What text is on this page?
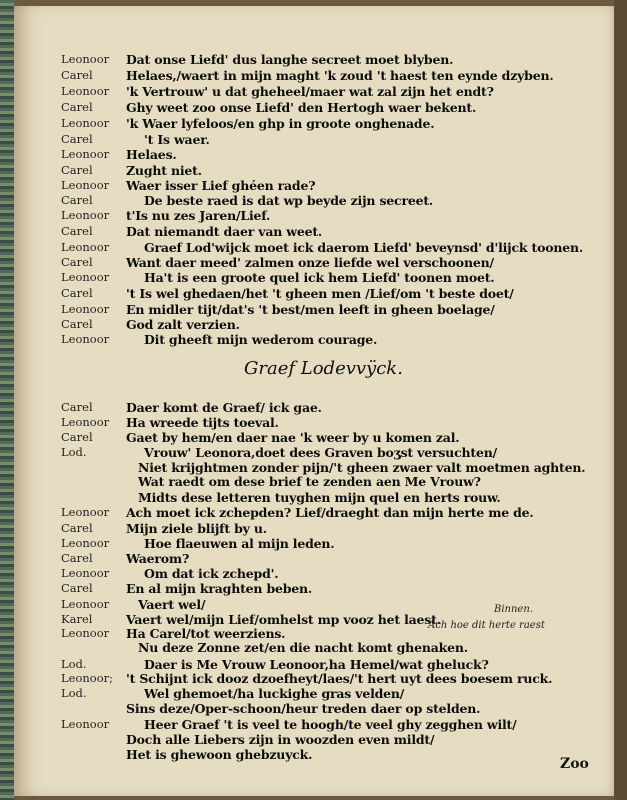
Leonoor Dat onse Liefd' dus langhe secreet moet blyben.
Carel	Helaes,/waert in mijn maght 'k zoud 't haest ten eynde dzyben.
Leonoor 'k Vertrouw' u dat gheheel/maer wat zal zijn het endt?
Carel	Ghy weet zoo onse Liefd' den Hertogh waer bekent.
Leonoor 'k Waer lyfeloos/en ghp in groote onghenade.
Carel	't Is waer.
Leonoor Helaes.
Carel	Zught niet.
Leonoor Waer isser Lief ghéen rade?
Carel	De beste raed is dat wp beyde zijn secreet.
Leonoor t'Is nu zes Jaren/Lief.
Carel	Dat niemandt daer van weet.
Leonoor	Graef Lod'wijck moet ick daerom Liefd' beveynsd' d'lijck toonen.
Carel	Want daer meed' zalmen onze liefde wel verschoonen/
Leonoor	Ha't is een groote quel ick hem Liefd' toonen moet.
Carel	't Is wel ghedaen/het 't gheen men /Lief/om 't beste doet/
Leonoor En midler tijt/dat's 't best/men leeft in gheen boelage/
Carel	God zalt verzien.
Leonoor	Dit gheeft mijn wederom courage.
Carel	Daer komt de Graef/ ick gae.
Leonoor Ha wreede tijts toeval.
Carel	Gaet by hem/en daer nae 'k weer by u komen zal.
Lod.	Vrouw' Leonora,doet dees Graven boʒst versuchten/
Niet krijghtmen zonder pijn/'t gheen zwaer valt moetmen aghten.
Wat raedt om dese brief te zenden aen Me Vrouw?
Midts dese letteren tuyghen mijn quel en herts rouw.
Leonoor Ach moet ick zchepden? Lief/draeght dan mijn herte me de.
Carel	Mijn ziele blijft by u.
Leonoor	Hoe flaeuwen al mijn leden.
Carel	Waerom?
Leonoor	Om dat ick zchepd'.
Carel	En al mijn kraghten beben.
Leonoor Vaert wel/
Karel	Vaert wel/mijn Lief/omhelst mp vooz het laest.
Leonoor Ha Carel/tot weerziens.
Nu deze Zonne zet/en die nacht komt ghenaken.
Lod.	Daer is Me Vrouw Leonoor,ha Hemel/wat gheluck?
Leonoor; 't Schijnt ick dooz dzoefheyt/laes/'t hert uyt dees boesem ruck.
Lod.	Wel ghemoet/ha luckighe gras velden/
Sins deze/Oper-schoon/heur treden daer op stelden.
Leonoor	Heer Graef 't is veel te hoogh/te veel ghy zegghen wilt/
Doch alle Liebers zijn in woozden even mildt/
Het is ghewoon ghebzuyck.
Graef Lodevvÿck.
Ach hoe dit herte raest
Binnen.
Zoo
